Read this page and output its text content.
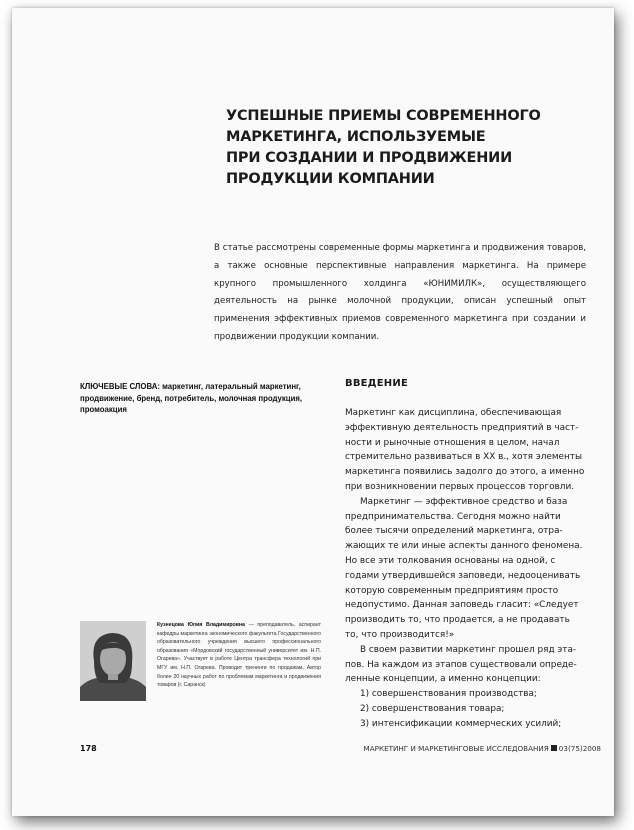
УСПЕШНЫЕ ПРИЕМЫ СОВРЕМЕННОГО
МАРКЕТИНГА, ИСПОЛЬЗУЕМЫЕ
ПРИ СОЗДАНИИ И ПРОДВИЖЕНИИ
ПРОДУКЦИИ КОМПАНИИ

В статье рассмотрены современные формы маркетинга и продвижения товаров, а также основные перспективные направления маркетинга. На примере крупного промышленного холдинга «ЮНИМИЛК», осуществляющего деятельность на рынке молочной продукции, описан успешный опыт применения эффективных приемов современного маркетинга при создании и продвижении продукции компании.

КЛЮЧЕВЫЕ СЛОВА: маркетинг, латеральный маркетинг, продвижение, бренд, потребитель, молочная продукция, промоакция

ВВЕДЕНИЕ
Маркетинг как дисциплина, обеспечивающая
эффективную деятельность предприятий в част-
ности и рыночные отношения в целом, начал
стремительно развиваться в XX в., хотя элементы
маркетинга появились задолго до этого, а именно
при возникновении первых процессов торговли.
Маркетинг — эффективное средство и база
предпринимательства. Сегодня можно найти
более тысячи определений маркетинга, отра-
жающих те или иные аспекты данного феномена.
Но все эти толкования основаны на одной, с
годами утвердившейся заповеди, недооценивать
которую современным предприятиям просто
недопустимо. Данная заповедь гласит: «Следует
производить то, что продается, а не продавать
то, что производится!»
В своем развитии маркетинг прошел ряд эта-
пов. На каждом из этапов существовали опреде-
ленные концепции, а именно концепции:
1) совершенствования производства;
2) совершенствования товара;
3) интенсификации коммерческих усилий;

Кузнецова Юлия Владимировна — преподаватель, аспирант кафедры маркетинга экономического факультета Государственного образовательного учреждения высшего профессионального образования «Мордовский государственный университет им. Н.П. Огарева». Участвует в работе Центра трансфера технологий при МГУ им. Н.П. Огарева. Проводит тренинги по продажам. Автор более 20 научных работ по проблемам маркетинга и продвижения товаров (г. Саранск)

178	МАРКЕТИНГ И МАРКЕТИНГОВЫЕ ИССЛЕДОВАНИЯ 03(75)2008
